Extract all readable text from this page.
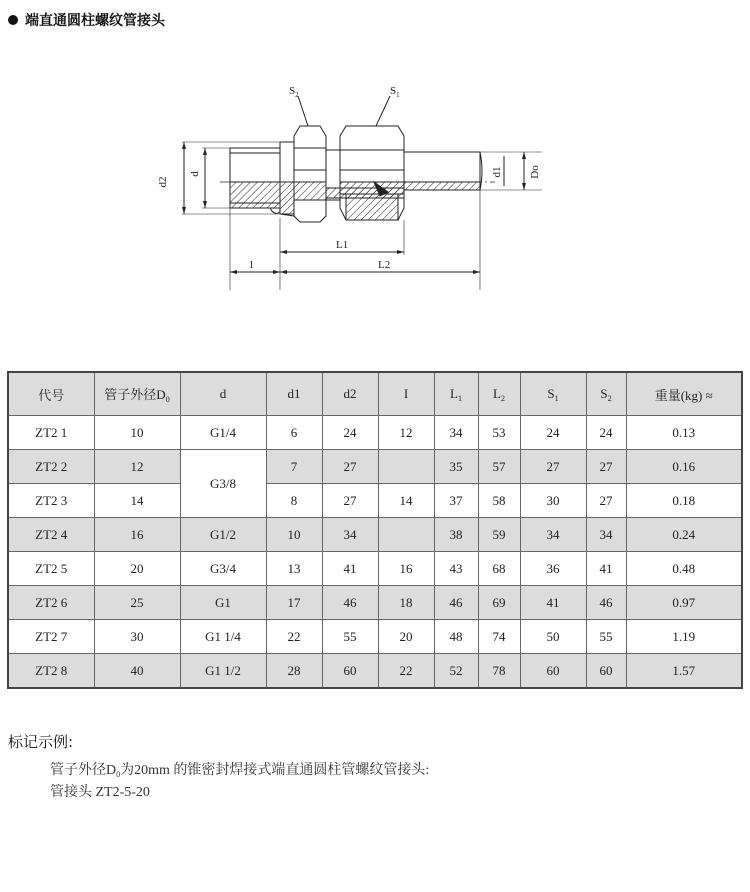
端直通圆柱螺纹管接头
$S_2$	$S_1$
d2
d	d1 Do
L1
l	L2
代号	管子外径$D_0$	d	d1	d2	I	$L_1$	$L_2$	$S_1$	$S_2$	重量(kg) ≈
ZT2 1	10	G1/4	6	24	12	34	53	24	24	0.13
ZT2 2	12	G3/8	7	27		35	57	27	27	0.16
ZT2 3	14		8	27	14	37	58	30	27	0.18
ZT2 4	16	G1/2	10	34		38	59	34	34	0.24
ZT2 5	20	G3/4	13	41	16	43	68	36	41	0.48
ZT2 6	25	G1	17	46	18	46	69	41	46	0.97
ZT2 7	30	G1 1/4	22	55	20	48	74	50	55	1.19
ZT2 8	40	G1 1/2	28	60	22	52	78	60	60	1.57
标记示例:
管子外径$D_0$为20mm 的锥密封焊接式端直通圆柱管螺纹管接头:
管接头 ZT2-5-20
